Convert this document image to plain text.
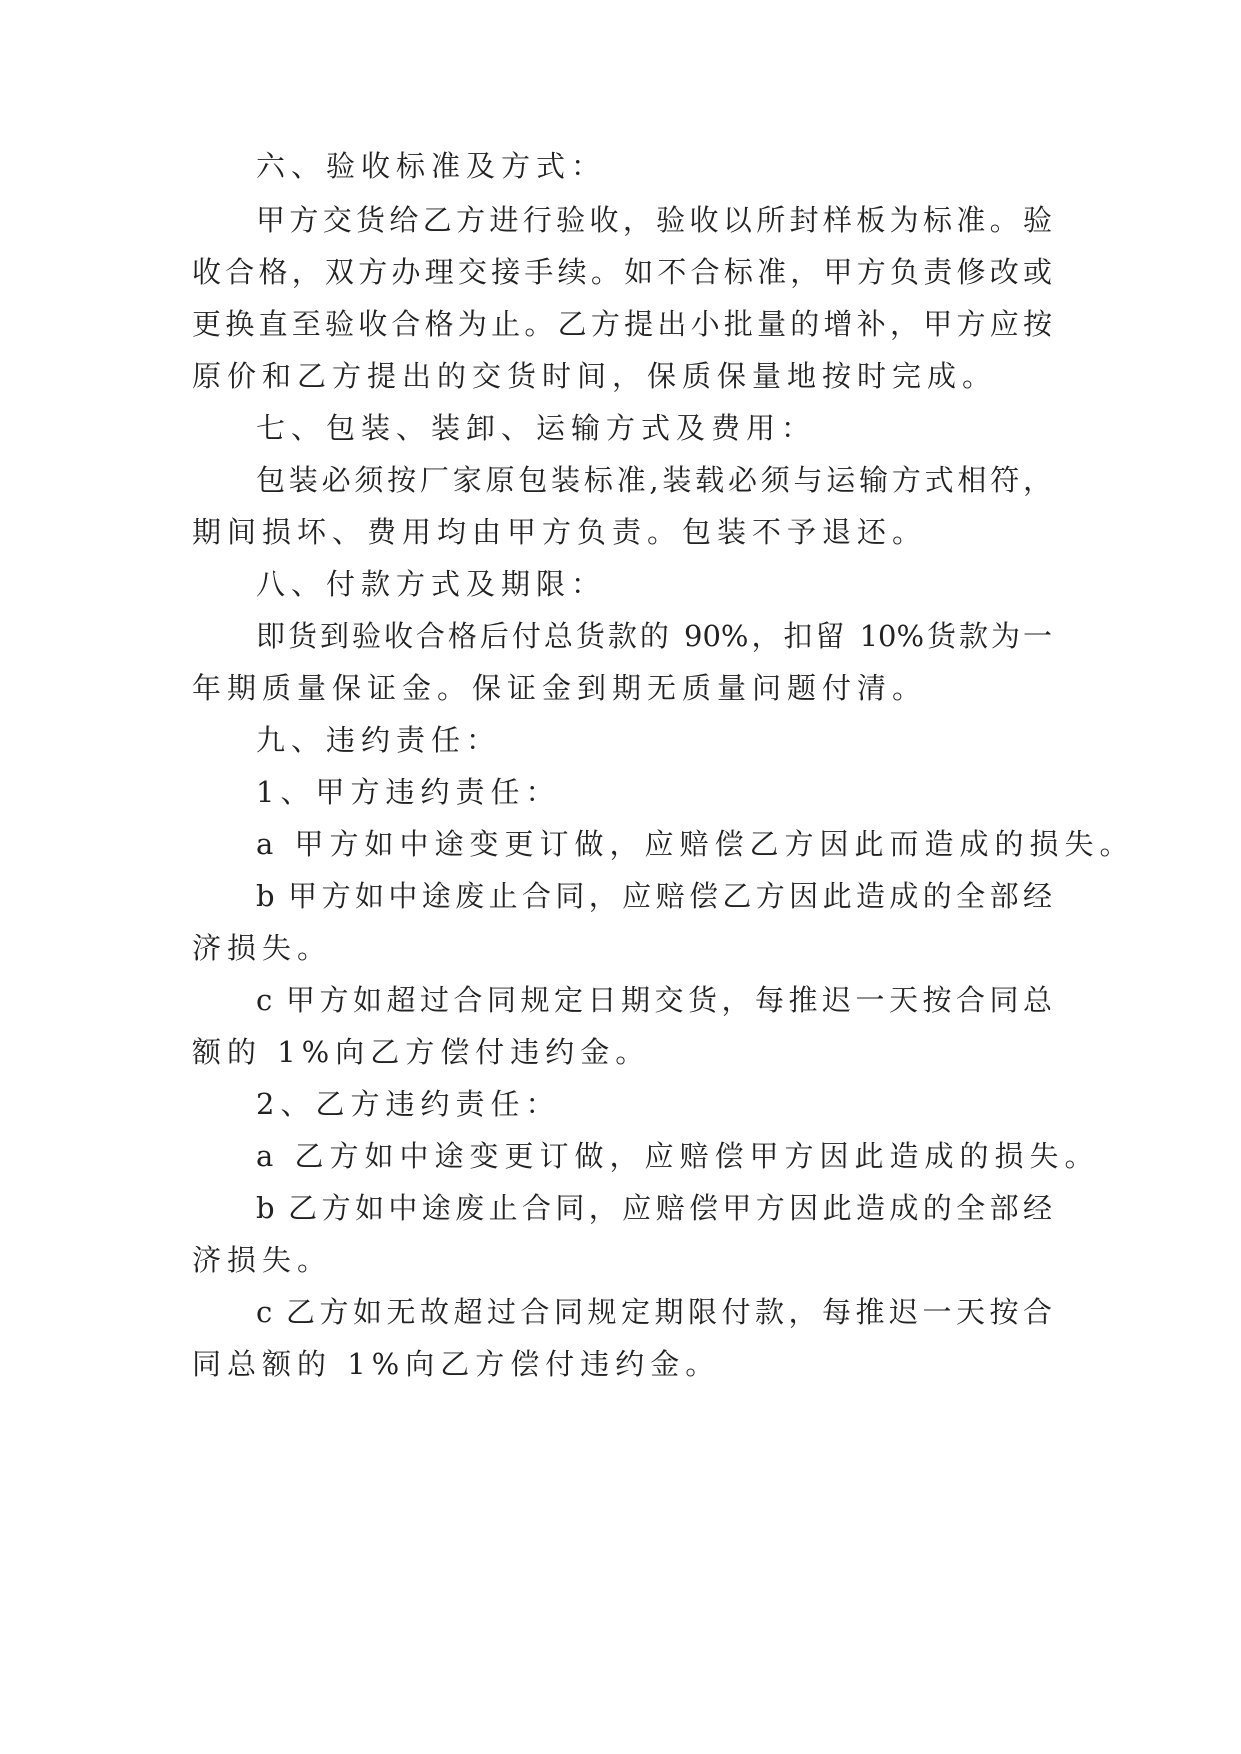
六、验收标准及方式：
甲方交货给乙方进行验收，验收以所封样板为标准。验
收合格，双方办理交接手续。如不合标准，甲方负责修改或
更换直至验收合格为止。乙方提出小批量的增补，甲方应按
原价和乙方提出的交货时间，保质保量地按时完成。
七、包装、装卸、运输方式及费用：
包装必须按厂家原包装标准,装载必须与运输方式相符，
期间损坏、费用均由甲方负责。包装不予退还。
八、付款方式及期限：
即货到验收合格后付总货款的 90%，扣留 10%货款为一
年期质量保证金。保证金到期无质量问题付清。
九、违约责任：
1、甲方违约责任：
a 甲方如中途变更订做，应赔偿乙方因此而造成的损失。
b 甲方如中途废止合同，应赔偿乙方因此造成的全部经
济损失。
c 甲方如超过合同规定日期交货，每推迟一天按合同总
额的 1%向乙方偿付违约金。
2、乙方违约责任：
a 乙方如中途变更订做，应赔偿甲方因此造成的损失。
b 乙方如中途废止合同，应赔偿甲方因此造成的全部经
济损失。
c 乙方如无故超过合同规定期限付款，每推迟一天按合
同总额的 1%向乙方偿付违约金。
